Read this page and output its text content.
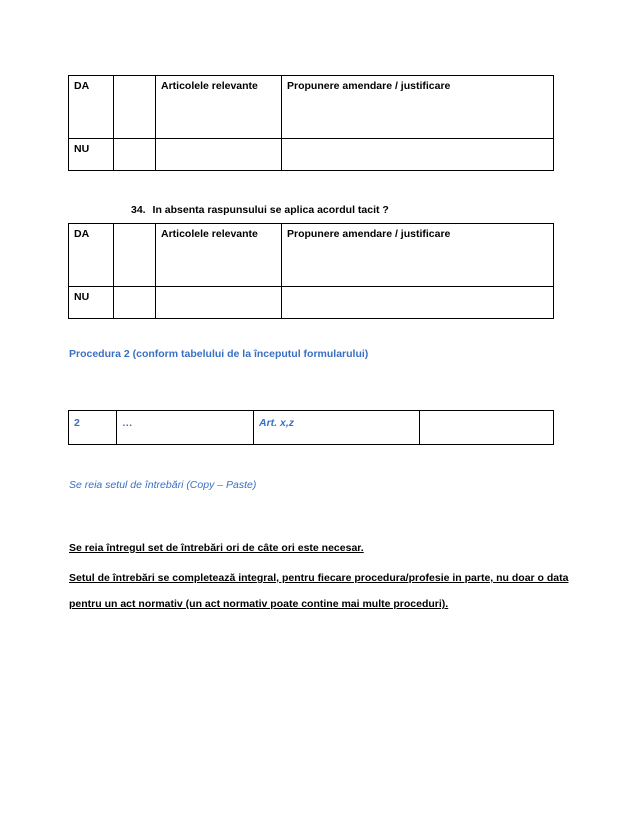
DA		Articolele relevante	Propunere amendare / justificare
NU			
34. In absenta raspunsului se aplica acordul tacit ?
DA		Articolele relevante	Propunere amendare / justificare
NU			
Procedura 2 (conform tabelului de la începutul formularului)
2	…	Art. x,z	
Se reia setul de întrebări (Copy – Paste)
Se reia întregul set de întrebări ori de câte ori este necesar.
Setul de întrebări se completează integral, pentru fiecare procedura/profesie in parte, nu doar o data
pentru un act normativ (un act normativ poate contine mai multe proceduri).
